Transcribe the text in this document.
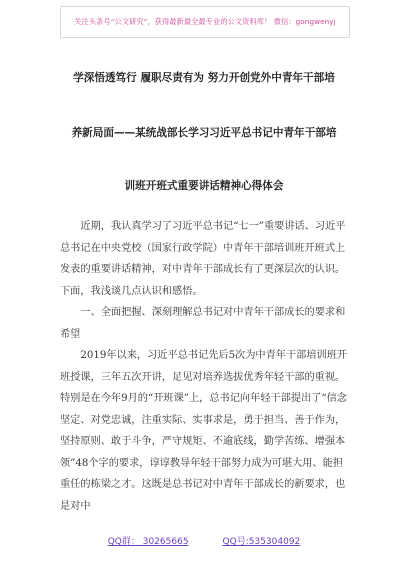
关注头条号“公文研究”，获得最新最全最专业的公文资料库！ 微信：gongwenyj
学深悟透笃行 履职尽责有为 努力开创党外中青年干部培
养新局面——某统战部长学习习近平总书记中青年干部培
训班开班式重要讲话精神心得体会

近期，我认真学习了习近平总书记“七一”重要讲话、习近平总书记在中央党校（国家行政学院）中青年干部培训班开班式上发表的重要讲话精神，对中青年干部成长有了更深层次的认识。下面，我浅谈几点认识和感悟。

一、全面把握、深刻理解总书记对中青年干部成长的要求和希望

2019年以来，习近平总书记先后5次为中青年干部培训班开班授课，三年五次开讲，足见对培养选拔优秀年轻干部的重视。特别是在今年9月的“开班课”上，总书记向年轻干部提出了“信念坚定、对党忠诚，注重实际、实事求是，勇于担当、善于作为，坚持原则、敢于斗争，严守规矩、不逾底线，勤学苦练、增强本领”48个字的要求，谆谆教导年轻干部努力成为可堪大用、能担重任的栋梁之才。这既是总书记对中青年干部成长的新要求，也是对中

QQ群： 30265665	QQ号:535304092
